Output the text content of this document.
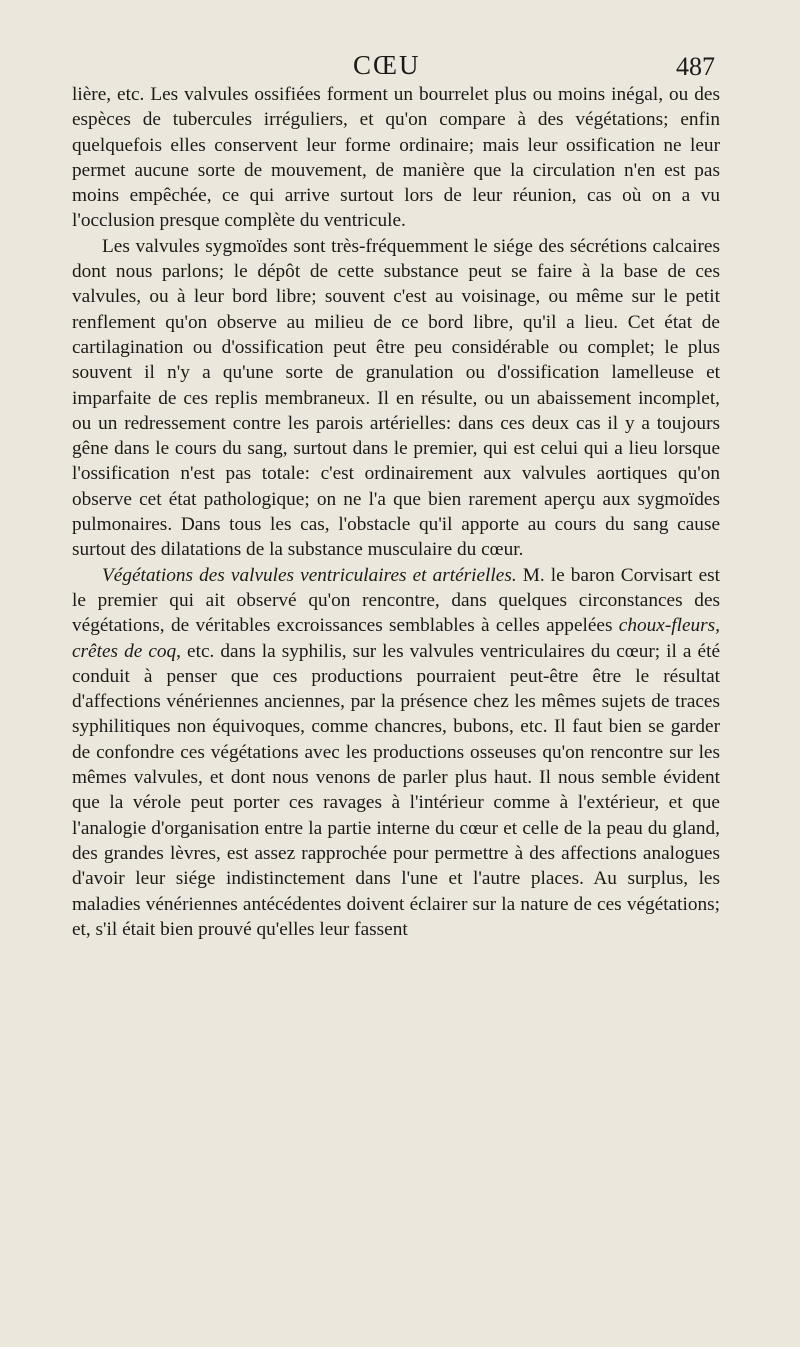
CŒU	487

lière, etc. Les valvules ossifiées forment un bourrelet plus ou moins inégal, ou des espèces de tubercules irréguliers, et qu'on compare à des végétations; enfin quelquefois elles conservent leur forme ordinaire; mais leur ossification ne leur permet aucune sorte de mouvement, de manière que la circulation n'en est pas moins empêchée, ce qui arrive surtout lors de leur réunion, cas où on a vu l'occlusion presque complète du ventricule.

Les valvules sygmoïdes sont très-fréquemment le siége des sécrétions calcaires dont nous parlons; le dépôt de cette substance peut se faire à la base de ces valvules, ou à leur bord libre; souvent c'est au voisinage, ou même sur le petit renflement qu'on observe au milieu de ce bord libre, qu'il a lieu. Cet état de cartilagination ou d'ossification peut être peu considérable ou complet; le plus souvent il n'y a qu'une sorte de granulation ou d'ossification lamelleuse et imparfaite de ces replis membraneux. Il en résulte, ou un abaissement incomplet, ou un redressement contre les parois artérielles: dans ces deux cas il y a toujours gêne dans le cours du sang, surtout dans le premier, qui est celui qui a lieu lorsque l'ossification n'est pas totale: c'est ordinairement aux valvules aortiques qu'on observe cet état pathologique; on ne l'a que bien rarement aperçu aux sygmoïdes pulmonaires. Dans tous les cas, l'obstacle qu'il apporte au cours du sang cause surtout des dilatations de la substance musculaire du cœur.

Végétations des valvules ventriculaires et artérielles. M. le baron Corvisart est le premier qui ait observé qu'on rencontre, dans quelques circonstances des végétations, de véritables excroissances semblables à celles appelées choux-fleurs, crêtes de coq, etc. dans la syphilis, sur les valvules ventriculaires du cœur; il a été conduit à penser que ces productions pourraient peut-être être le résultat d'affections vénériennes anciennes, par la présence chez les mêmes sujets de traces syphilitiques non équivoques, comme chancres, bubons, etc. Il faut bien se garder de confondre ces végétations avec les productions osseuses qu'on rencontre sur les mêmes valvules, et dont nous venons de parler plus haut. Il nous semble évident que la vérole peut porter ces ravages à l'intérieur comme à l'extérieur, et que l'analogie d'organisation entre la partie interne du cœur et celle de la peau du gland, des grandes lèvres, est assez rapprochée pour permettre à des affections analogues d'avoir leur siége indistinctement dans l'une et l'autre places. Au surplus, les maladies vénériennes antécédentes doivent éclairer sur la nature de ces végétations; et, s'il était bien prouvé qu'elles leur fassent
